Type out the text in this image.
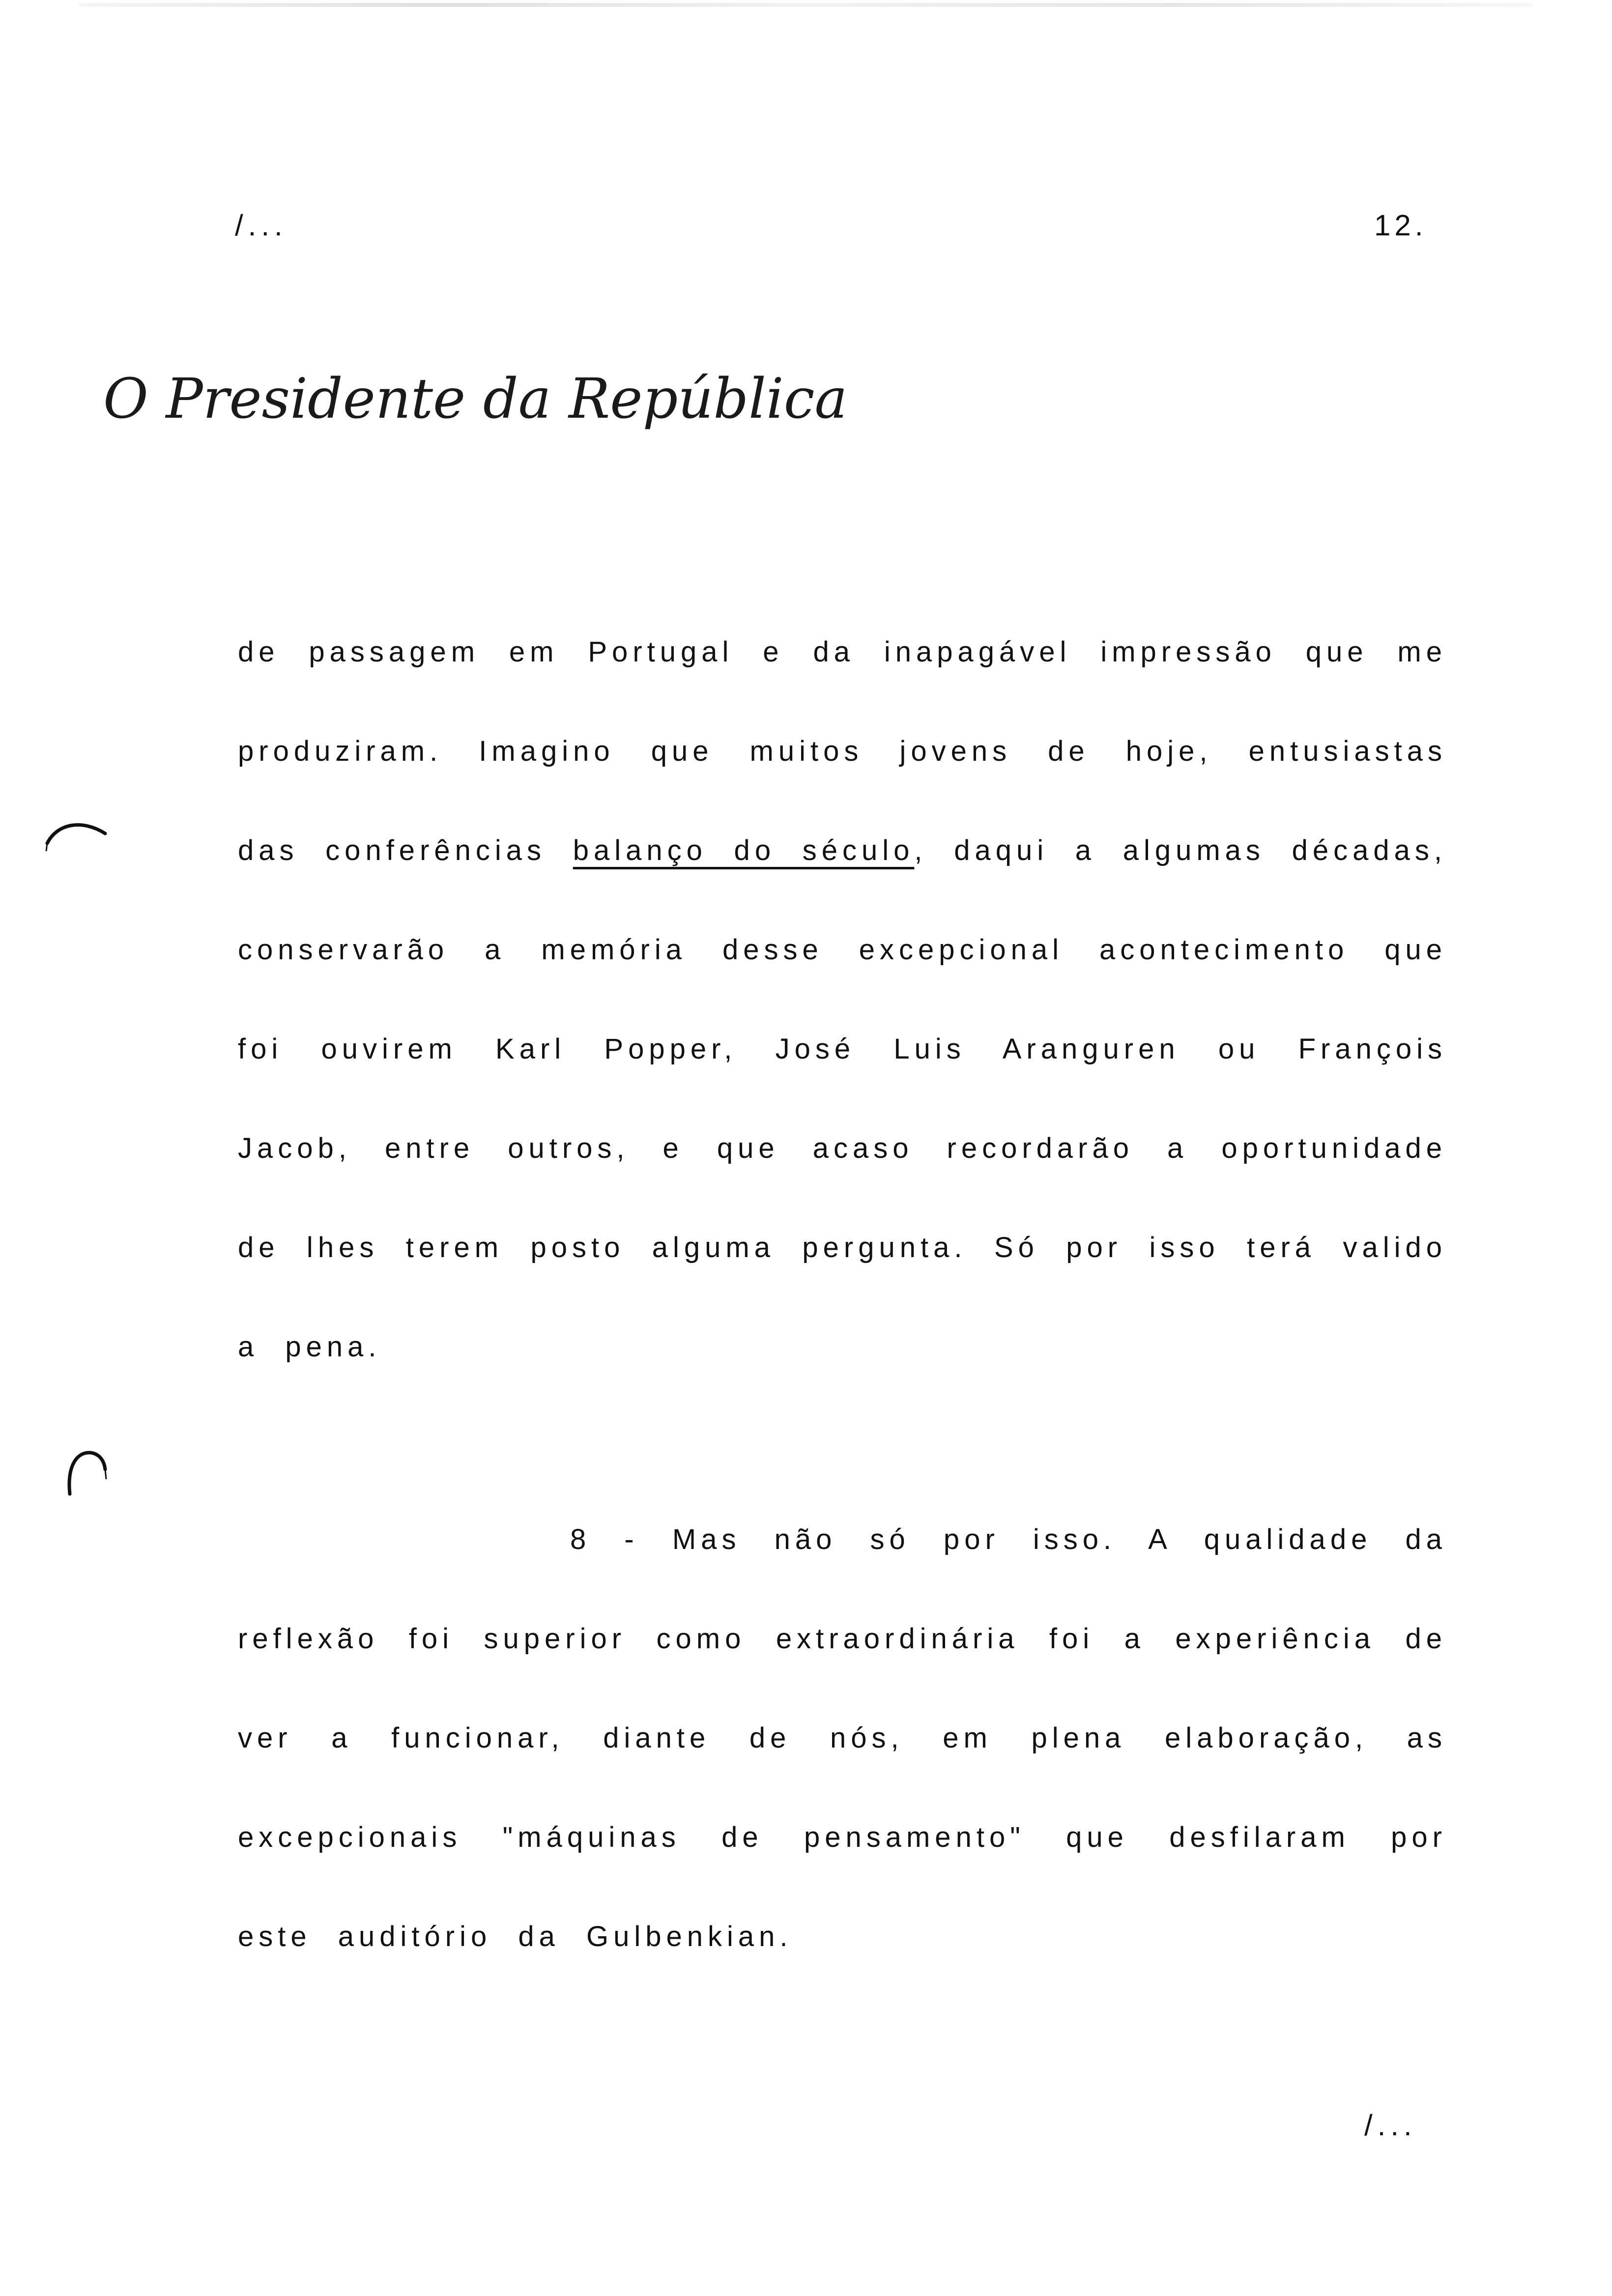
/...	12.
O Presidente da República
de passagem em Portugal e da inapagável impressão que me produziram. Imagino que muitos jovens de hoje, entusiastas das conferências balanço do século, daqui a algumas décadas, conservarão a memória desse excepcional acontecimento que foi ouvirem Karl Popper, José Luis Aranguren ou François Jacob, entre outros, e que acaso recordarão a oportunidade de lhes terem posto alguma pergunta. Só por isso terá valido a pena.
8 - Mas não só por isso. A qualidade da reflexão foi superior como extraordinária foi a experiência de ver a funcionar, diante de nós, em plena elaboração, as excepcionais "máquinas de pensamento" que desfilaram por este auditório da Gulbenkian.
/...
